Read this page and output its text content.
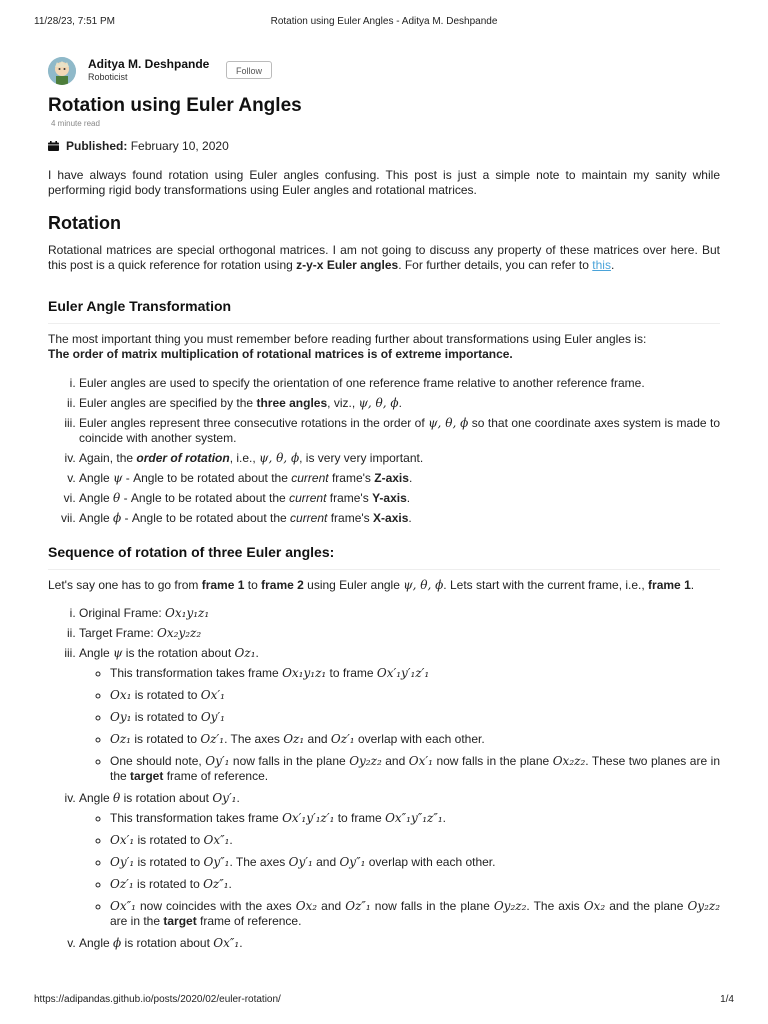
11/28/23, 7:51 PM	Rotation using Euler Angles - Aditya M. Deshpande
Aditya M. Deshpande
Roboticist
Follow
Rotation using Euler Angles
4 minute read
Published:
February 10, 2020

I have always found rotation using Euler angles confusing. This post is just a simple note to maintain my sanity while performing rigid body transformations using Euler angles and rotational matrices.

Rotation

Rotational matrices are special orthogonal matrices. I am not going to discuss any property of these matrices over here. But this post is a quick reference for rotation using z-y-x Euler angles. For further details, you can refer to this.

Euler Angle Transformation

The most important thing you must remember before reading further about transformations using Euler angles is:
The order of matrix multiplication of rotational matrices is of extreme importance.

i. Euler angles are used to specify the orientation of one reference frame relative to another reference frame.
ii. Euler angles are specified by the three angles, viz., ψ, θ, ϕ.
iii. Euler angles represent three consecutive rotations in the order of ψ, θ, ϕ so that one coordinate axes system is made to coincide with another system.
iv. Again, the order of rotation, i.e., ψ, θ, ϕ, is very very important.
v. Angle ψ - Angle to be rotated about the current frame's Z-axis.
vi. Angle θ - Angle to be rotated about the current frame's Y-axis.
vii. Angle ϕ - Angle to be rotated about the current frame's X-axis.
Sequence of rotation of three Euler angles:

Let's say one has to go from frame 1 to frame 2 using Euler angle ψ, θ, ϕ. Lets start with the current frame, i.e., frame 1.

i. Original Frame: Ox₁y₁z₁
ii. Target Frame: Ox₂y₂z₂
iii. Angle ψ is the rotation about Oz₁.
◦ This transformation takes frame Ox₁y₁z₁ to frame Ox′₁y′₁z′₁
◦ Ox₁ is rotated to Ox′₁
◦ Oy₁ is rotated to Oy′₁
◦ Oz₁ is rotated to Oz′₁. The axes Oz₁ and Oz′₁ overlap with each other.
◦ One should note, Oy′₁ now falls in the plane Oy₂z₂ and Ox′₁ now falls in the plane Ox₂z₂. These two planes are in the target frame of reference.
iv. Angle θ is rotation about Oy′₁.
◦ This transformation takes frame Ox′₁y′₁z′₁ to frame Ox″₁y″₁z″₁.
◦ Ox′₁ is rotated to Ox″₁.
◦ Oy′₁ is rotated to Oy″₁. The axes Oy′₁ and Oy″₁ overlap with each other.
◦ Oz′₁ is rotated to Oz″₁.
◦ Ox″₁ now coincides with the axes Ox₂ and Oz″₁ now falls in the plane Oy₂z₂. The axis Ox₂ and the plane Oy₂z₂ are in the target frame of reference.
v. Angle ϕ is rotation about Ox″₁.
https://adipandas.github.io/posts/2020/02/euler-rotation/	1/4
